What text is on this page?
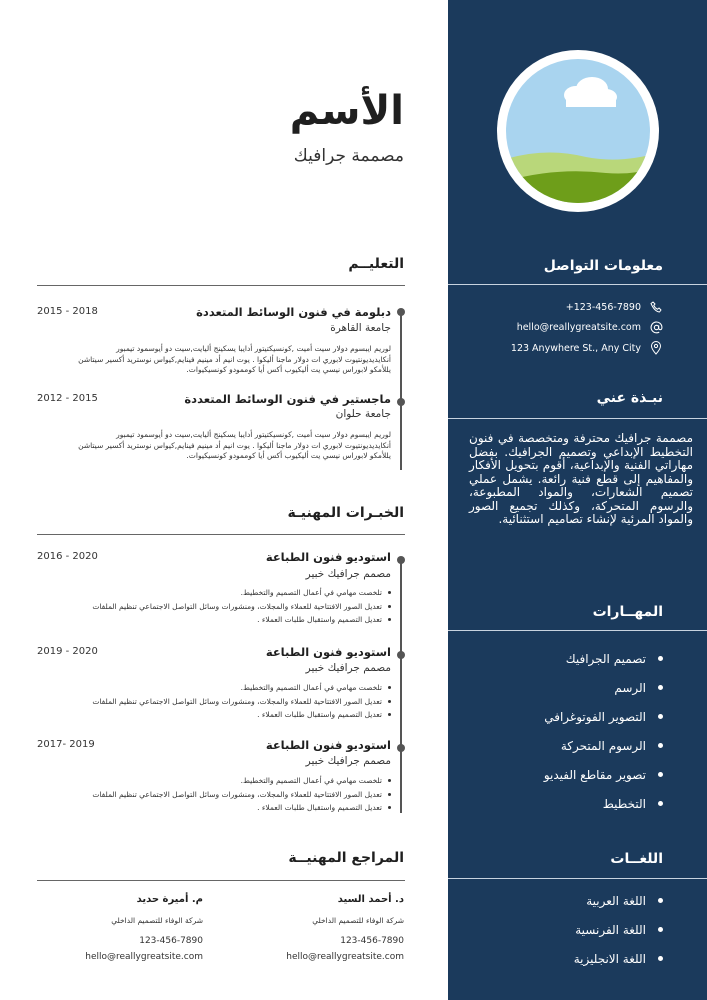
الأسم
مصممة جرافيك
التعليــم
دبلومة في فنون الوسائط المتعددة
2015 - 2018
جامعة القاهرة
لوريم ايبسوم دولار سيت أميت ,كونسيكتيتور أدايبا يسكينج أليايت,سيت دو أيوسمود تيمبور أنكايديديونتيوت لابوري ات دولار ماجنا أليكوا . يوت انيم أد مينيم فينايم,كيواس نوستريد أكسير سيتاشن يللأمكو لابوراس نيسي يت أليكيوب أكس أيا كوممودو كونسيكيوات.
ماجستير في فنون الوسائط المتعددة
2012 - 2015
جامعة حلوان
لوريم ايبسوم دولار سيت أميت ,كونسيكتيتور أدايبا يسكينج أليايت,سيت دو أيوسمود تيمبور أنكايديديونتيوت لابوري ات دولار ماجنا أليكوا . يوت انيم أد مينيم فينايم,كيواس نوستريد أكسير سيتاشن يللأمكو لابوراس نيسي يت أليكيوب أكس أيا كوممودو كونسيكيوات.
الخبـرات المهنيـة
استوديو فنون الطباعة
2016 - 2020
مصمم جرافيك خبير
تلخصت مهامي في أعمال التصميم والتخطيط.
تعديل الصور الافتتاحية للعملاء والمجلات، ومنشورات وسائل التواصل الاجتماعي تنظيم الملفات
تعديل التصميم واستقبال طلبات العملاء .
استوديو فنون الطباعة
2019 - 2020
مصمم جرافيك خبير
تلخصت مهامي في أعمال التصميم والتخطيط.
تعديل الصور الافتتاحية للعملاء والمجلات، ومنشورات وسائل التواصل الاجتماعي تنظيم الملفات
تعديل التصميم واستقبال طلبات العملاء .
استوديو فنون الطباعة
2017- 2019
مصمم جرافيك خبير
تلخصت مهامي في أعمال التصميم والتخطيط.
تعديل الصور الافتتاحية للعملاء والمجلات، ومنشورات وسائل التواصل الاجتماعي تنظيم الملفات
تعديل التصميم واستقبال طلبات العملاء .
المراجع المهنيــة
د. أحمد السيد
شركة الوفاء للتصميم الداخلي
123-456-7890
hello@reallygreatsite.com
م. أميرة حديد
شركة الوفاء للتصميم الداخلي
123-456-7890
hello@reallygreatsite.com
معلومات التواصل
+123-456-7890
hello@reallygreatsite.com
123 Anywhere St., Any City
نبـذة عني
مصممة جرافيك محترفة ومتخصصة في فنون التخطيط الإبداعي وتصميم الجرافيك. بفضل مهاراتي الفنية والإبداعية، أقوم بتحويل الأفكار والمفاهيم إلى قطع فنية رائعة. يشمل عملي تصميم الشعارات، والمواد المطبوعة، والرسوم المتحركة، وكذلك تجميع الصور والمواد المرئية لإنشاء تصاميم استثنائية.
المهــارات
تصميم الجرافيك
الرسم
التصوير الفوتوغرافي
الرسوم المتحركة
تصوير مقاطع الفيديو
التخطيط
اللغــات
اللغة العربية
اللغة الفرنسية
اللغة الانجليزية
